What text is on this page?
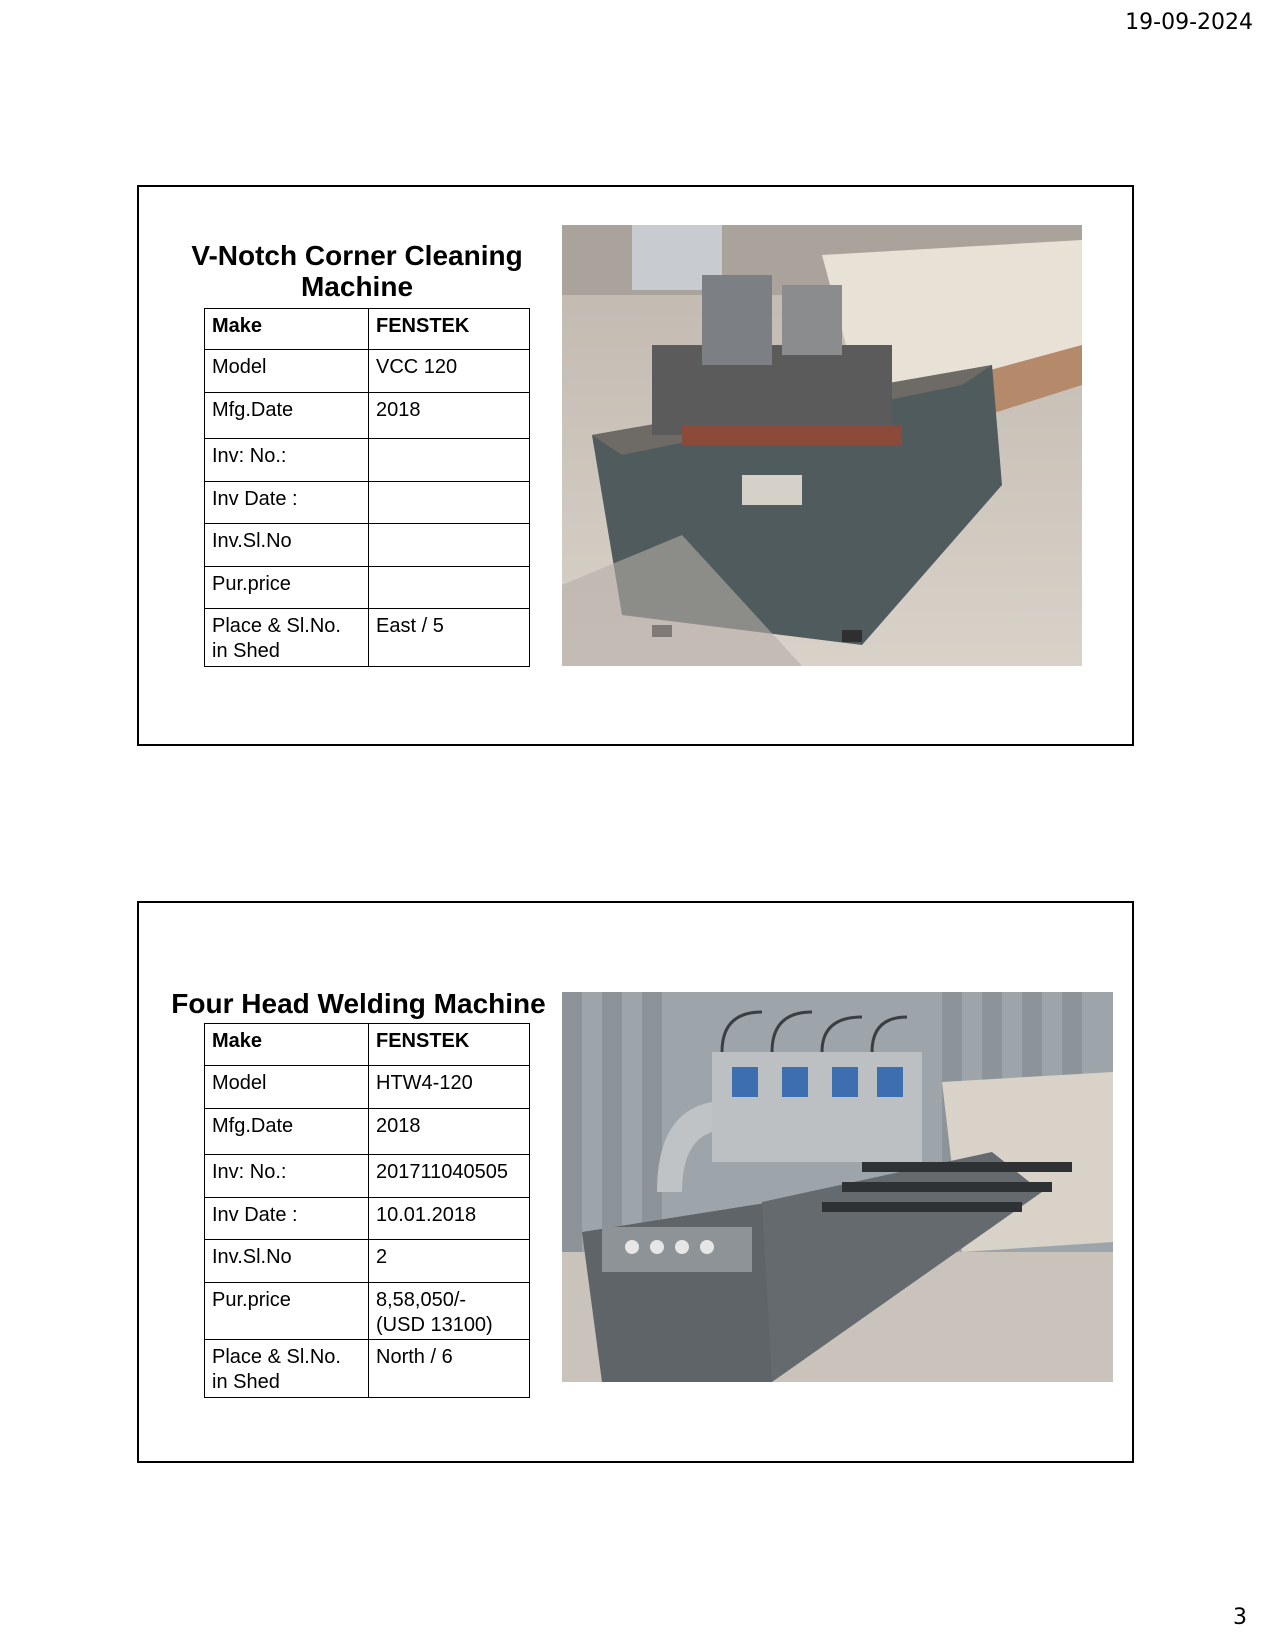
19-09-2024
V-Notch Corner Cleaning Machine
Make	FENSTEK
Model	VCC 120
Mfg.Date	2018
Inv: No.:	
Inv Date :	
Inv.Sl.No	
Pur.price	
Place & Sl.No. in Shed	East / 5
Four Head Welding Machine
Make	FENSTEK
Model	HTW4-120
Mfg.Date	2018
Inv: No.:	201711040505
Inv Date :	10.01.2018
Inv.Sl.No	2
Pur.price	8,58,050/-
(USD 13100)
Place & Sl.No. in Shed	North / 6
3
